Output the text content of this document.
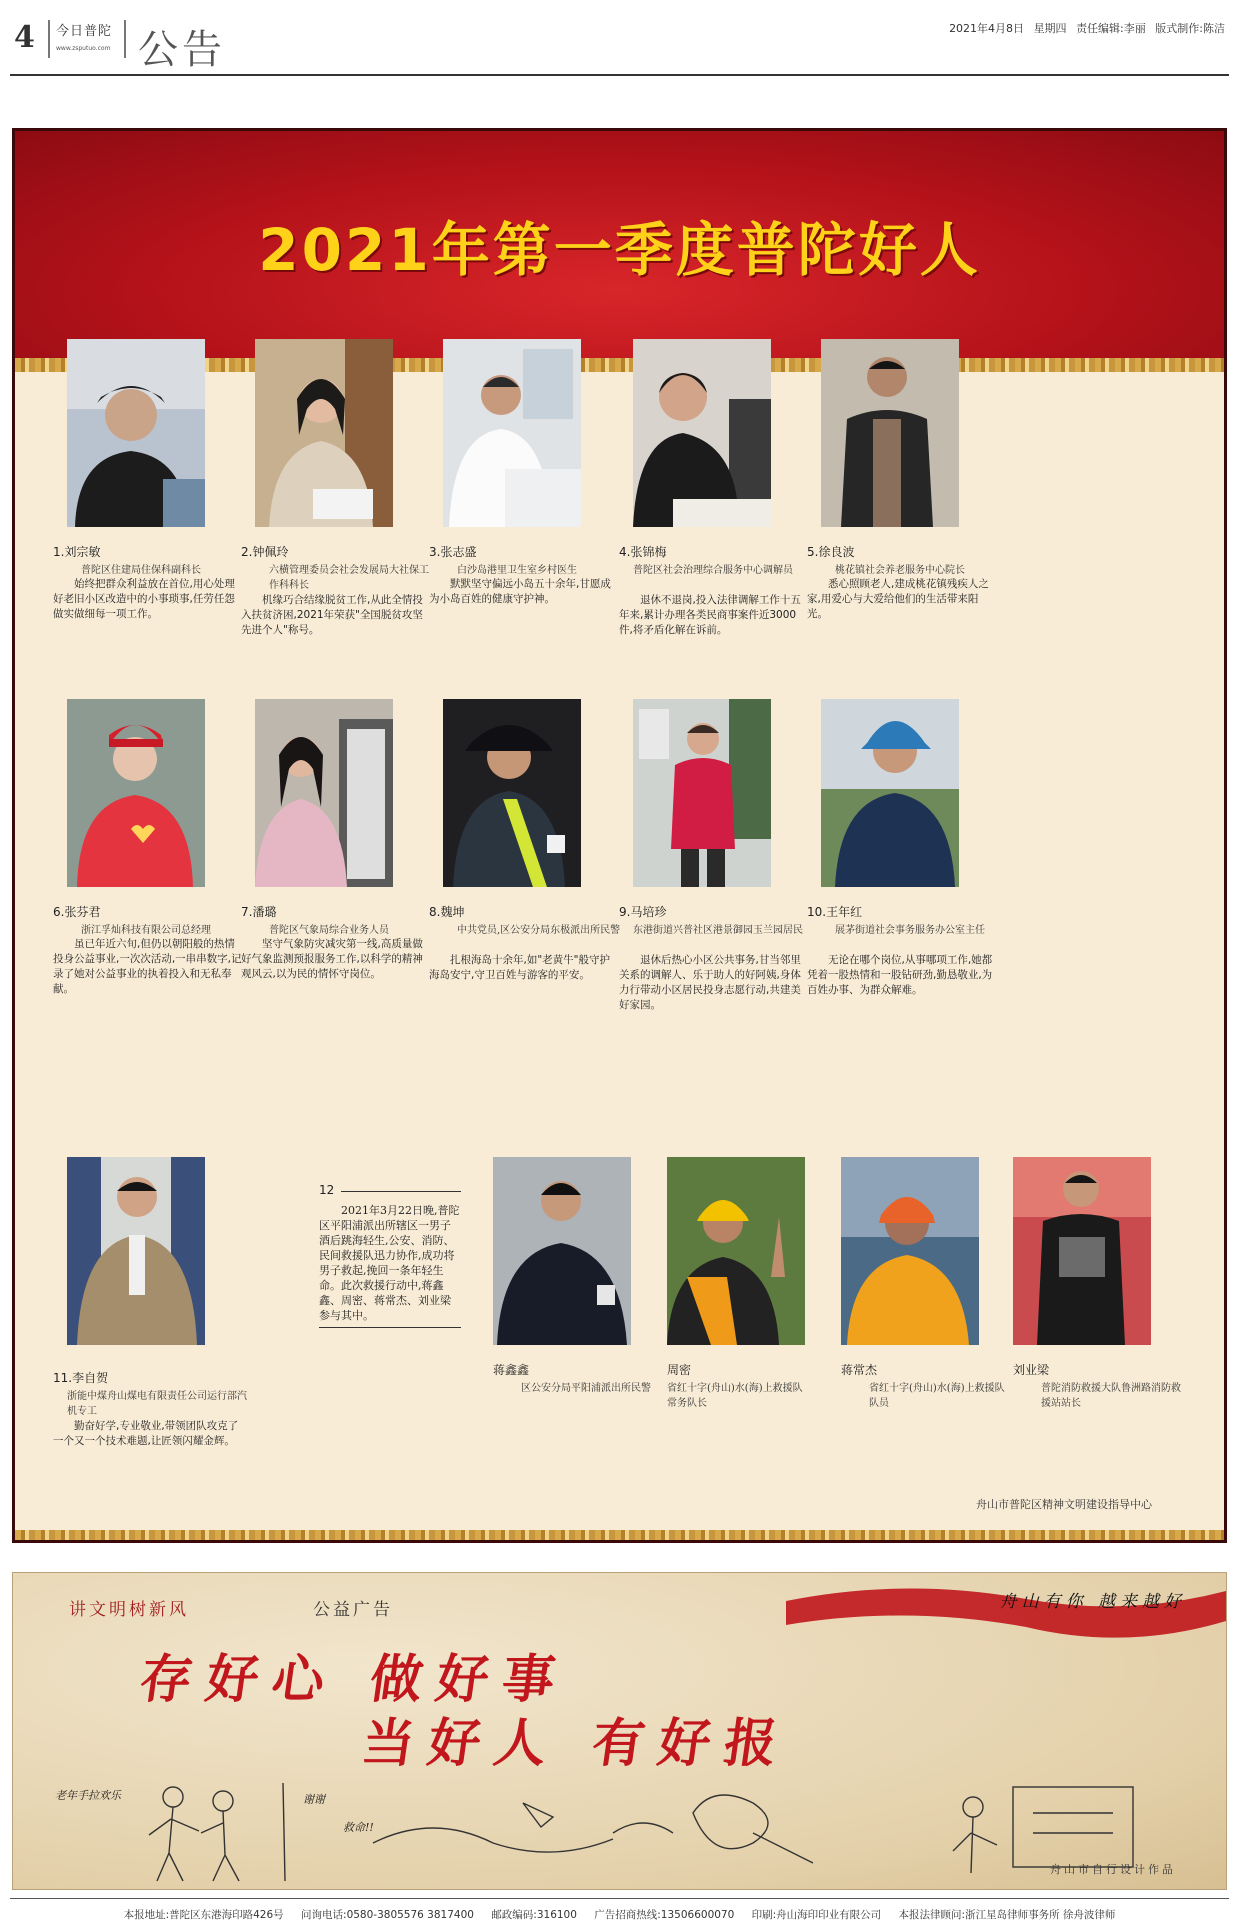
4 今日普陀
www.zsputuo.com 公告	2021年4月8日 星期四 责任编辑:李丽 版式制作:陈洁
2021年第一季度普陀好人
1.刘宗敏
普陀区住建局住保科副科长
始终把群众利益放在首位,用心处理好老旧小区改造中的小事琐事,任劳任怨做实做细每一项工作。
2.钟佩玲
六横管理委员会社会发展局大社保工作科科长
机缘巧合结缘脱贫工作,从此全情投入扶贫济困,2021年荣获"全国脱贫攻坚先进个人"称号。
3.张志盛
白沙岛港里卫生室乡村医生
默默坚守偏远小岛五十余年,甘愿成为小岛百姓的健康守护神。
4.张锦梅
普陀区社会治理综合服务中心调解员
退休不退岗,投入法律调解工作十五年来,累计办理各类民商事案件近3000件,将矛盾化解在诉前。
5.徐良波
桃花镇社会养老服务中心院长
悉心照顾老人,建成桃花镇残疾人之家,用爱心与大爱给他们的生活带来阳光。
6.张芬君
浙江孚灿科技有限公司总经理
虽已年近六旬,但仍以朝阳般的热情投身公益事业,一次次活动,一串串数字,记录了她对公益事业的执着投入和无私奉献。
7.潘璐
普陀区气象局综合业务人员
坚守气象防灾减灾第一线,高质量做好气象监测预报服务工作,以科学的精神观风云,以为民的情怀守岗位。
8.魏坤
中共党员,区公安分局东极派出所民警
扎根海岛十余年,如"老黄牛"般守护海岛安宁,守卫百姓与游客的平安。
9.马培珍
东港街道兴普社区港景御园玉兰园居民
退休后热心小区公共事务,甘当邻里关系的调解人、乐于助人的好阿姨,身体力行带动小区居民投身志愿行动,共建美好家园。
10.王年红
展茅街道社会事务服务办公室主任
无论在哪个岗位,从事哪项工作,她都凭着一股热情和一股钻研劲,勤恳敬业,为百姓办事、为群众解难。
11.李自贺
浙能中煤舟山煤电有限责任公司运行部汽机专工
勤奋好学,专业敬业,带领团队攻克了一个又一个技术难题,让匠领闪耀金辉。
12
2021年3月22日晚,普陀区平阳浦派出所辖区一男子酒后跳海轻生,公安、消防、民间救援队迅力协作,成功将男子救起,挽回一条年轻生命。此次救援行动中,蒋鑫鑫、周密、蒋常杰、刘业梁参与其中。
蒋鑫鑫
区公安分局平阳浦派出所民警
周密
省红十字(舟山)水(海)上救援队常务队长
蒋常杰
省红十字(舟山)水(海)上救援队队员
刘业梁
普陀消防救援大队鲁洲路消防救援站站长
舟山市普陀区精神文明建设指导中心
讲文明树新风	公益广告	舟山有你 越来越好
存好心 做好事
当好人 有好报
老年手拉欢乐
救命!!
谢谢
舟山市自行设计作品
本报地址:普陀区东港海印路426号 问询电话:0580-3805576 3817400 邮政编码:316100 广告招商热线:13506600070 印刷:舟山海印印业有限公司 本报法律顾问:浙江星岛律师事务所 徐舟波律师
